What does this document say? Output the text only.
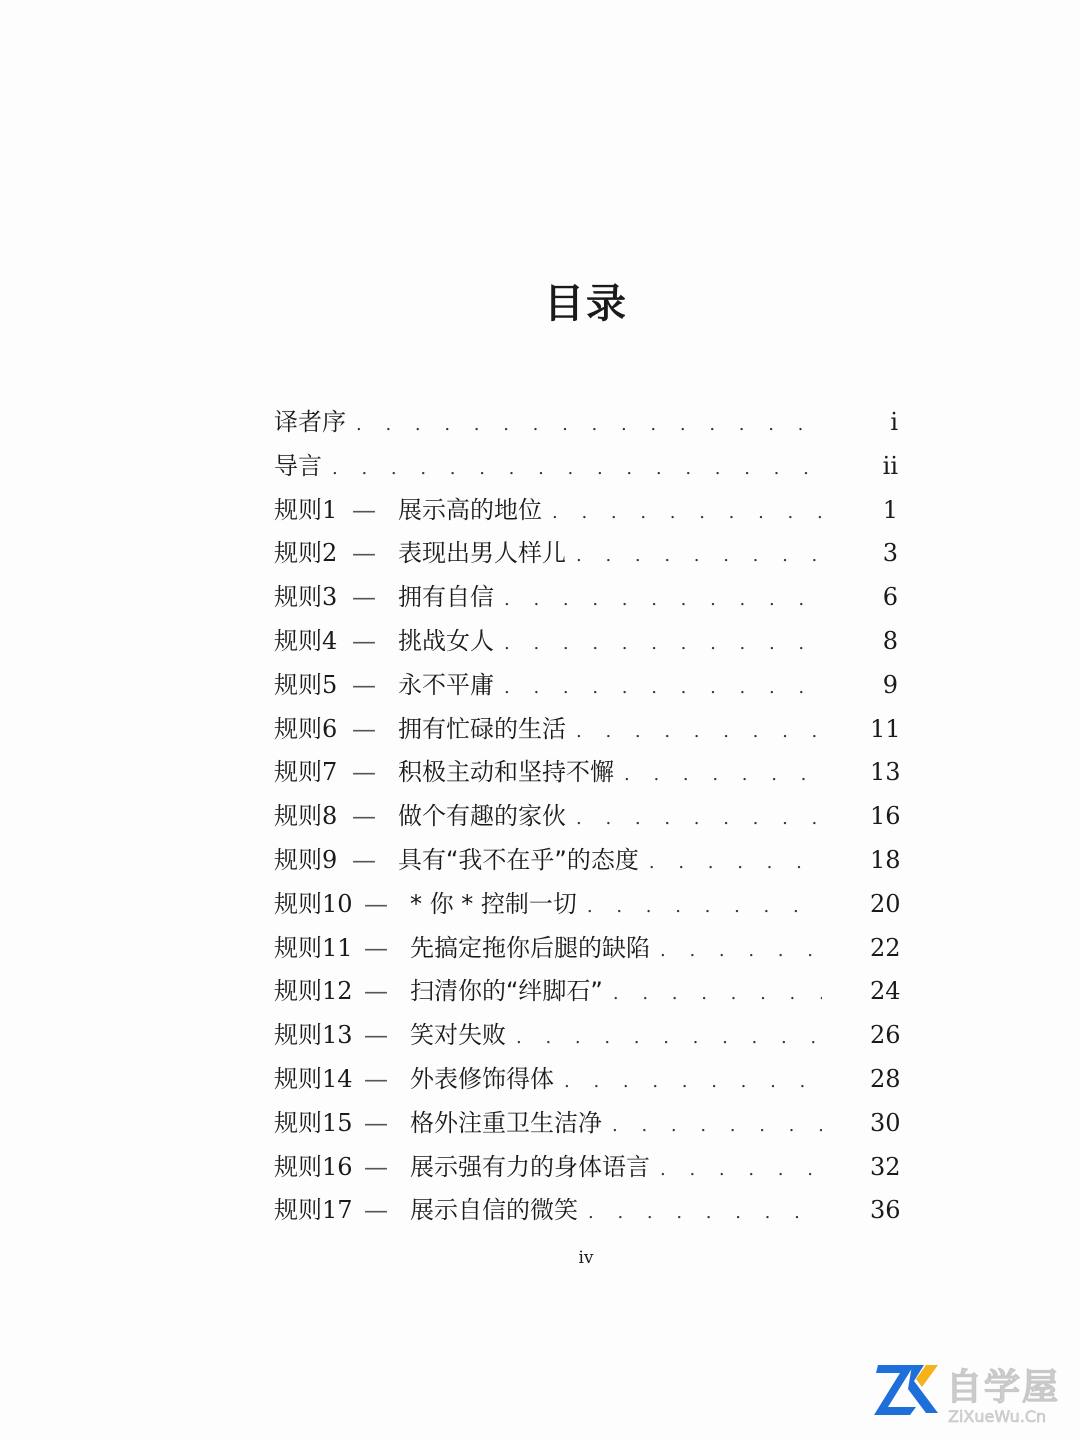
目录
译者序 . . .	i
导言 . . .	ii
规则1 — 展示高的地位 . . .	1
规则2 — 表现出男人样儿 . . .	3
规则3 — 拥有自信 . . .	6
规则4 — 挑战女人 . . .	8
规则5 — 永不平庸 . . .	9
规则6 — 拥有忙碌的生活 . . .	11
规则7 — 积极主动和坚持不懈 . . .	13
规则8 — 做个有趣的家伙 . . .	16
规则9 — 具有“我不在乎”的态度 . . .	18
规则10 — * 你 * 控制一切 . . .	20
规则11 — 先搞定拖你后腿的缺陷 . . .	22
规则12 — 扫清你的“绊脚石” . . .	24
规则13 — 笑对失败 . . .	26
规则14 — 外表修饰得体 . . .	28
规则15 — 格外注重卫生洁净 . . .	30
规则16 — 展示强有力的身体语言 . . .	32
规则17 — 展示自信的微笑 . . .	36
iv
自学屋
ZiXueWu.Cn
